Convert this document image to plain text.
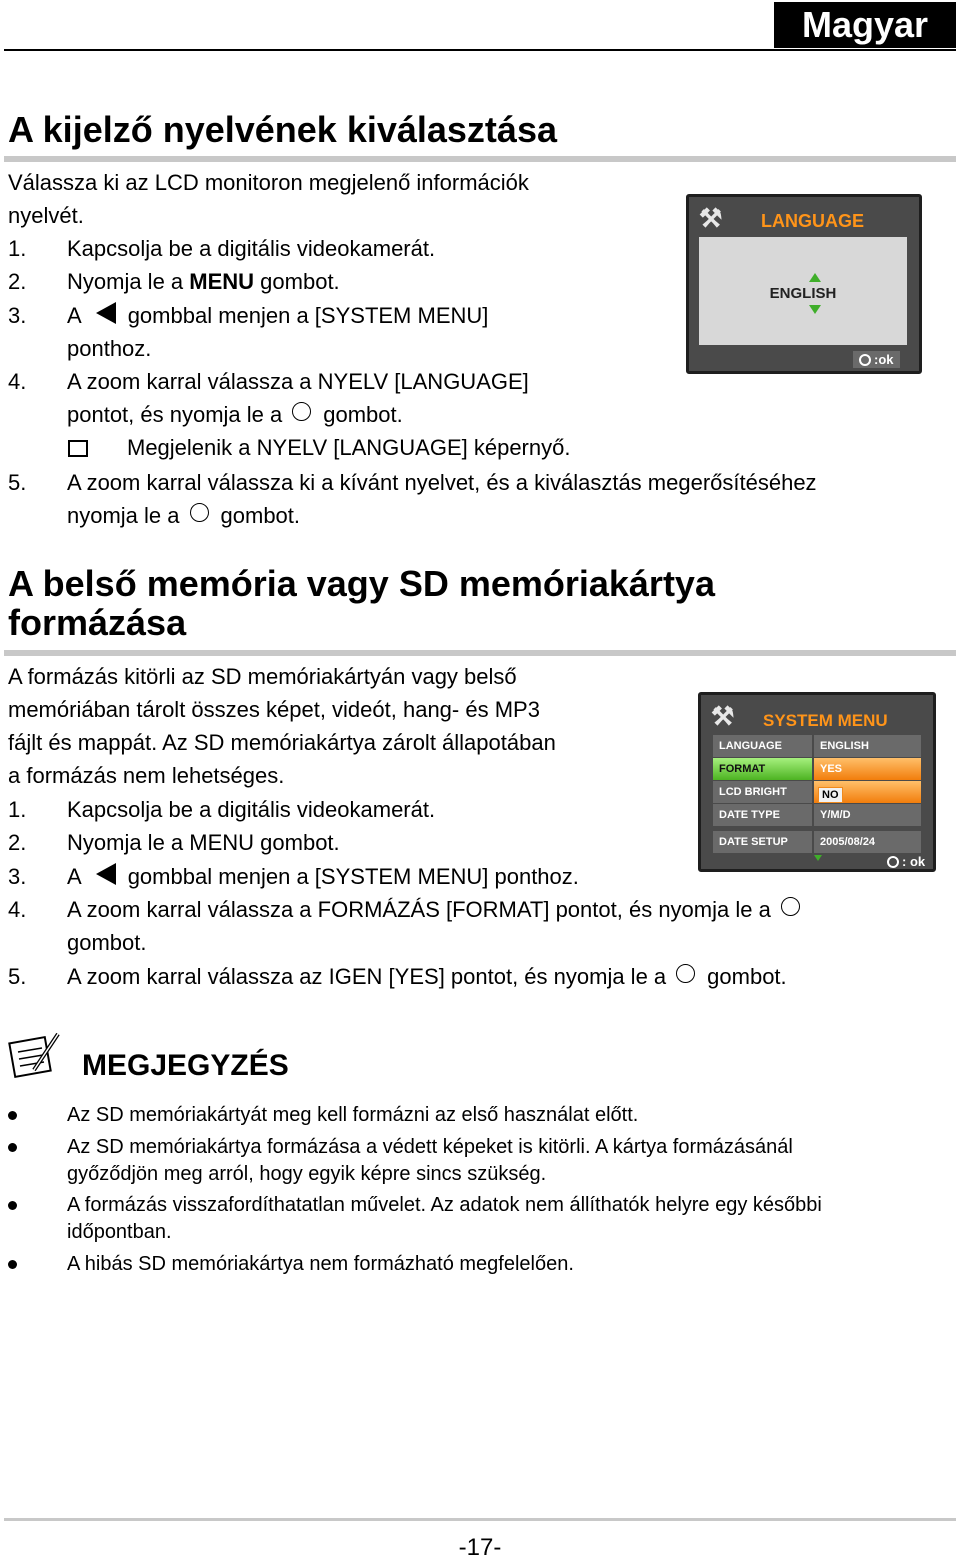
Magyar
A kijelző nyelvének kiválasztása
Válassza ki az LCD monitoron megjelenő információk
nyelvét.
1. Kapcsolja be a digitális videokamerát.
2. Nyomja le a MENU gombot.
3. A gombbal menjen a [SYSTEM MENU]
ponthoz.
4. A zoom karral válassza a NYELV [LANGUAGE]
pontot, és nyomja le a gombot.
Megjelenik a NYELV [LANGUAGE] képernyő.
5. A zoom karral válassza ki a kívánt nyelvet, és a kiválasztás megerősítéséhez
nyomja le a gombot.
⚒ LANGUAGE
ENGLISH
:ok
A belső memória vagy SD memóriakártya
formázása
A formázás kitörli az SD memóriakártyán vagy belső
memóriában tárolt összes képet, videót, hang- és MP3
fájlt és mappát. Az SD memóriakártya zárolt állapotában
a formázás nem lehetséges.
1. Kapcsolja be a digitális videokamerát.
2. Nyomja le a MENU gombot.
3. A gombbal menjen a [SYSTEM MENU] ponthoz.
4. A zoom karral válassza a FORMÁZÁS [FORMAT] pontot, és nyomja le a
gombot.
5. A zoom karral válassza az IGEN [YES] pontot, és nyomja le a gombot.
⚒ SYSTEM MENU
LANGUAGE	ENGLISH
FORMAT	YES
LCD BRIGHT	NO
DATE TYPE	Y/M/D
DATE SETUP	2005/08/24
: ok
MEGJEGYZÉS
Az SD memóriakártyát meg kell formázni az első használat előtt.
Az SD memóriakártya formázása a védett képeket is kitörli. A kártya formázásánál
győződjön meg arról, hogy egyik képre sincs szükség.
A formázás visszafordíthatatlan művelet. Az adatok nem állíthatók helyre egy későbbi
időpontban.
A hibás SD memóriakártya nem formázható megfelelően.
-17-
